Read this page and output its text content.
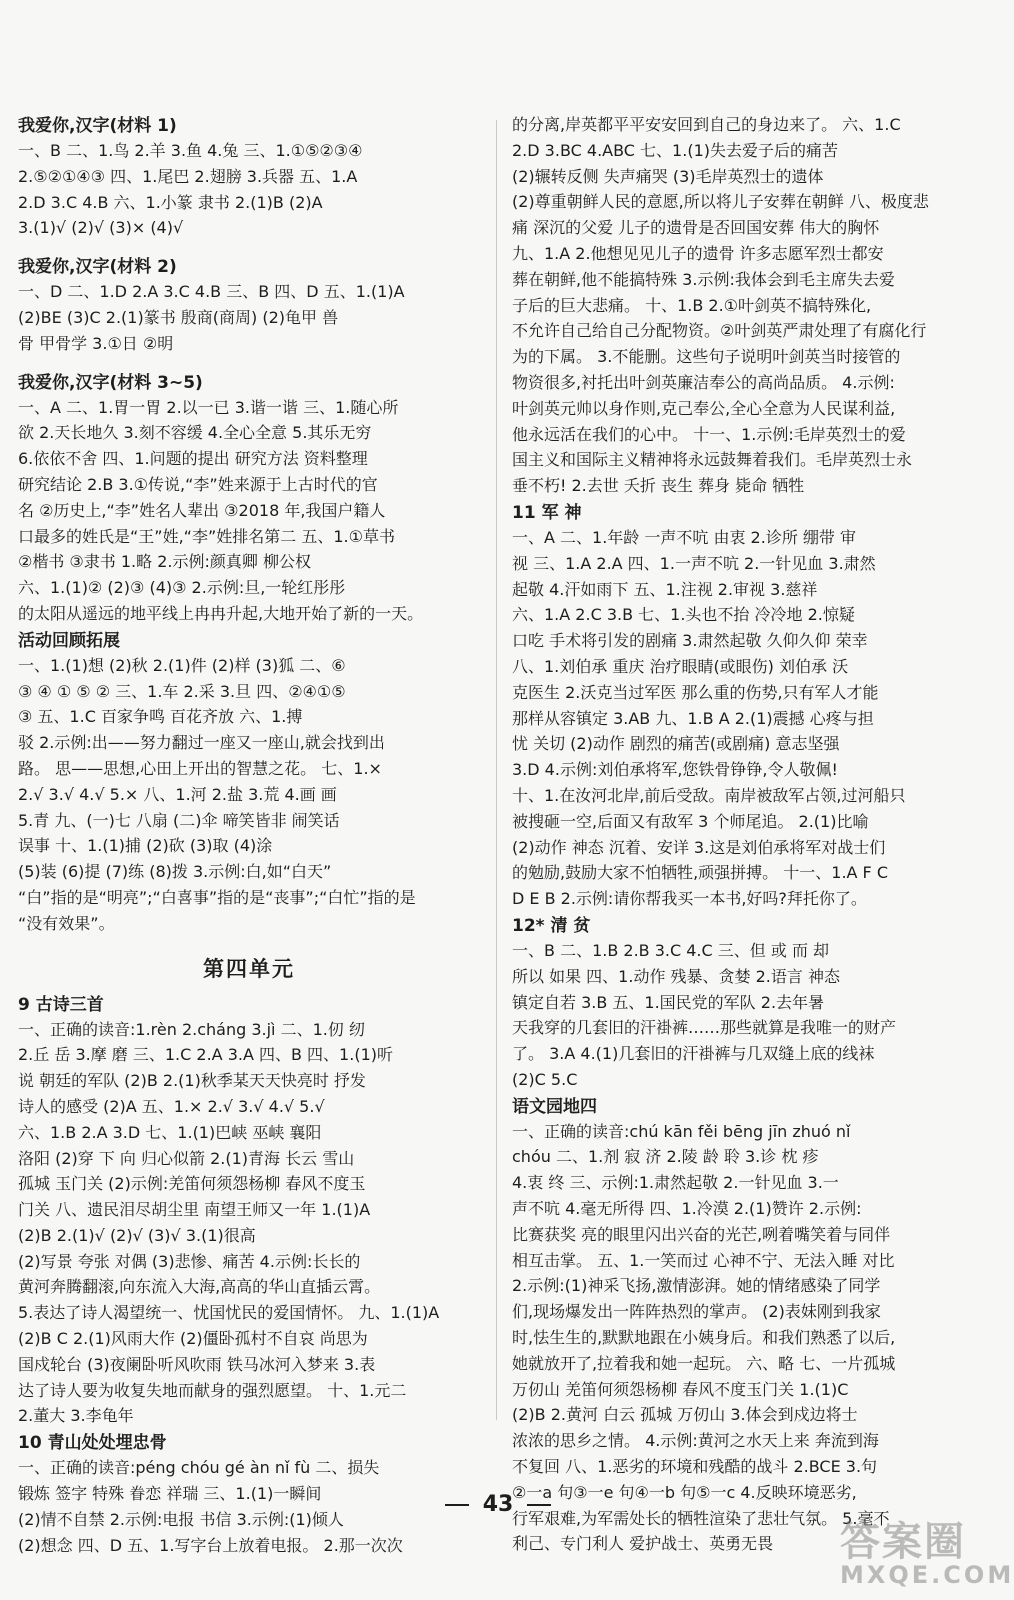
我爱你,汉字(材料 1)
一、B 二、1.鸟 2.羊 3.鱼 4.兔 三、1.①⑤②③④
2.⑤②①④③ 四、1.尾巴 2.翅膀 3.兵器 五、1.A
2.D 3.C 4.B 六、1.小篆 隶书 2.(1)B (2)A
3.(1)√ (2)√ (3)× (4)√
我爱你,汉字(材料 2)
一、D 二、1.D 2.A 3.C 4.B 三、B 四、D 五、1.(1)A
(2)BE (3)C 2.(1)篆书 殷商(商周) (2)龟甲 兽
骨 甲骨学 3.①日 ②明
我爱你,汉字(材料 3~5)
一、A 二、1.胃一胃 2.以一已 3.谐一谐 三、1.随心所
欲 2.天长地久 3.刻不容缓 4.全心全意 5.其乐无穷
6.依依不舍 四、1.问题的提出 研究方法 资料整理
研究结论 2.B 3.①传说,“李”姓来源于上古时代的官
名 ②历史上,“李”姓名人辈出 ③2018 年,我国户籍人
口最多的姓氏是“王”姓,“李”姓排名第二 五、1.①草书
②楷书 ③隶书 1.略 2.示例:颜真卿 柳公权
六、1.(1)② (2)③ (4)③ 2.示例:旦,一轮红彤彤
的太阳从遥远的地平线上冉冉升起,大地开始了新的一天。
活动回顾拓展
一、1.(1)想 (2)秋 2.(1)件 (2)样 (3)狐 二、⑥
③ ④ ① ⑤ ② 三、1.车 2.采 3.旦 四、②④①⑤
③ 五、1.C 百家争鸣 百花齐放 六、1.搏
驳 2.示例:出——努力翻过一座又一座山,就会找到出
路。 思——思想,心田上开出的智慧之花。 七、1.×
2.√ 3.√ 4.√ 5.× 八、1.河 2.盐 3.荒 4.画 画
5.青 九、(一)七 八扇 (二)伞 啼笑皆非 闹笑话
误事 十、1.(1)捕 (2)砍 (3)取 (4)涂
(5)装 (6)提 (7)练 (8)拨 3.示例:白,如“白天”
“白”指的是“明亮”;“白喜事”指的是“丧事”;“白忙”指的是
“没有效果”。
第四单元
9 古诗三首
一、正确的读音:1.rèn 2.cháng 3.jì 二、1.仞 纫
2.丘 岳 3.摩 磨 三、1.C 2.A 3.A 四、B 四、1.(1)听
说 朝廷的军队 (2)B 2.(1)秋季某天天快亮时 抒发
诗人的感受 (2)A 五、1.× 2.√ 3.√ 4.√ 5.√
六、1.B 2.A 3.D 七、1.(1)巴峡 巫峡 襄阳
洛阳 (2)穿 下 向 归心似箭 2.(1)青海 长云 雪山
孤城 玉门关 (2)示例:羌笛何须怨杨柳 春风不度玉
门关 八、遗民泪尽胡尘里 南望王师又一年 1.(1)A
(2)B 2.(1)√ (2)√ (3)√ 3.(1)很高
(2)写景 夸张 对偶 (3)悲惨、痛苦 4.示例:长长的
黄河奔腾翻滚,向东流入大海,高高的华山直插云霄。
5.表达了诗人渴望统一、忧国忧民的爱国情怀。 九、1.(1)A
(2)B C 2.(1)风雨大作 (2)僵卧孤村不自哀 尚思为
国戍轮台 (3)夜阑卧听风吹雨 铁马冰河入梦来 3.表
达了诗人要为收复失地而献身的强烈愿望。 十、1.元二
2.董大 3.李龟年
10 青山处处埋忠骨
一、正确的读音:péng chóu gé àn nǐ fù 二、损失
锻炼 签字 特殊 眷恋 祥瑞 三、1.(1)一瞬间
(2)情不自禁 2.示例:电报 书信 3.示例:(1)倾人
(2)想念 四、D 五、1.写字台上放着电报。 2.那一次次
的分离,岸英都平平安安回到自己的身边来了。 六、1.C
2.D 3.BC 4.ABC 七、1.(1)失去爱子后的痛苦
(2)辗转反侧 失声痛哭 (3)毛岸英烈士的遗体
(2)尊重朝鲜人民的意愿,所以将儿子安葬在朝鲜 八、极度悲
痛 深沉的父爱 儿子的遗骨是否回国安葬 伟大的胸怀
九、1.A 2.他想见见儿子的遗骨 许多志愿军烈士都安
葬在朝鲜,他不能搞特殊 3.示例:我体会到毛主席失去爱
子后的巨大悲痛。 十、1.B 2.①叶剑英不搞特殊化,
不允许自己给自己分配物资。②叶剑英严肃处理了有腐化行
为的下属。 3.不能删。这些句子说明叶剑英当时接管的
物资很多,衬托出叶剑英廉洁奉公的高尚品质。 4.示例:
叶剑英元帅以身作则,克己奉公,全心全意为人民谋利益,
他永远活在我们的心中。 十一、1.示例:毛岸英烈士的爱
国主义和国际主义精神将永远鼓舞着我们。毛岸英烈士永
垂不朽! 2.去世 夭折 丧生 葬身 毙命 牺牲
11 军 神
一、A 二、1.年龄 一声不吭 由衷 2.诊所 绷带 审
视 三、1.A 2.A 四、1.一声不吭 2.一针见血 3.肃然
起敬 4.汗如雨下 五、1.注视 2.审视 3.慈祥
六、1.A 2.C 3.B 七、1.头也不抬 冷冷地 2.惊疑
口吃 手术将引发的剧痛 3.肃然起敬 久仰久仰 荣幸
八、1.刘伯承 重庆 治疗眼睛(或眼伤) 刘伯承 沃
克医生 2.沃克当过军医 那么重的伤势,只有军人才能
那样从容镇定 3.AB 九、1.B A 2.(1)震撼 心疼与担
忧 关切 (2)动作 剧烈的痛苦(或剧痛) 意志坚强
3.D 4.示例:刘伯承将军,您铁骨铮铮,令人敬佩!
十、1.在汝河北岸,前后受敌。南岸被敌军占领,过河船只
被搜砸一空,后面又有敌军 3 个师尾追。 2.(1)比喻
(2)动作 神态 沉着、安详 3.这是刘伯承将军对战士们
的勉励,鼓励大家不怕牺牲,顽强拼搏。 十一、1.A F C
D E B 2.示例:请你帮我买一本书,好吗?拜托你了。
12* 清 贫
一、B 二、1.B 2.B 3.C 4.C 三、但 或 而 却
所以 如果 四、1.动作 残暴、贪婪 2.语言 神态
镇定自若 3.B 五、1.国民党的军队 2.去年暑
天我穿的几套旧的汗褂裤……那些就算是我唯一的财产
了。 3.A 4.(1)几套旧的汗褂裤与几双缝上底的线袜
(2)C 5.C
语文园地四
一、正确的读音:chú kān fěi bēng jīn zhuó nǐ
chóu 二、1.剂 寂 济 2.陵 龄 聆 3.诊 枕 疹
4.衷 终 三、示例:1.肃然起敬 2.一针见血 3.一
声不吭 4.毫无所得 四、1.冷漠 2.(1)赞许 2.示例:
比赛获奖 亮的眼里闪出兴奋的光芒,咧着嘴笑着与同伴
相互击掌。 五、1.一笑而过 心神不宁、无法入睡 对比
2.示例:(1)神采飞扬,激情澎湃。她的情绪感染了同学
们,现场爆发出一阵阵热烈的掌声。 (2)表妹刚到我家
时,怯生生的,默默地跟在小姨身后。和我们熟悉了以后,
她就放开了,拉着我和她一起玩。 六、略 七、一片孤城
万仞山 羌笛何须怨杨柳 春风不度玉门关 1.(1)C
(2)B 2.黄河 白云 孤城 万仞山 3.体会到戍边将士
浓浓的思乡之情。 4.示例:黄河之水天上来 奔流到海
不复回 八、1.恶劣的环境和残酷的战斗 2.BCE 3.句
②一a 句③一e 句④一b 句⑤一c 4.反映环境恶劣,
行军艰难,为军需处长的牺牲渲染了悲壮气氛。 5.毫不
利己、专门利人 爱护战士、英勇无畏
43
答案圈
MXQE.COM
